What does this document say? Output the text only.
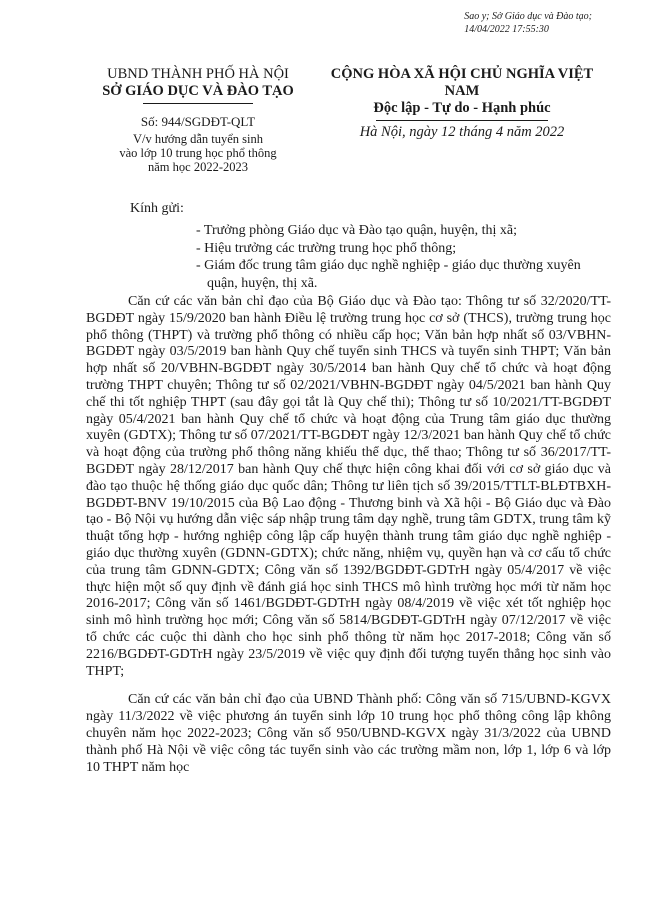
Sao y; Sở Giáo dục và Đào tạo;
14/04/2022 17:55:30
UBND THÀNH PHỐ HÀ NỘI
SỞ GIÁO DỤC VÀ ĐÀO TẠO
CỘNG HÒA XÃ HỘI CHỦ NGHĨA VIỆT NAM
Độc lập - Tự do - Hạnh phúc
Số: 944/SGDĐT-QLT
V/v hướng dẫn tuyển sinh
vào lớp 10 trung học phổ thông
năm học 2022-2023
Hà Nội, ngày 12 tháng 4 năm 2022
Kính gửi:
- Trưởng phòng Giáo dục và Đào tạo quận, huyện, thị xã;
- Hiệu trưởng các trường trung học phổ thông;
- Giám đốc trung tâm giáo dục nghề nghiệp - giáo dục thường xuyên quận, huyện, thị xã.

Căn cứ các văn bản chỉ đạo của Bộ Giáo dục và Đào tạo: Thông tư số 32/2020/TT-BGDĐT ngày 15/9/2020 ban hành Điều lệ trường trung học cơ sở (THCS), trường trung học phổ thông (THPT) và trường phổ thông có nhiều cấp học; Văn bản hợp nhất số 03/VBHN-BGDĐT ngày 03/5/2019 ban hành Quy chế tuyển sinh THCS và tuyển sinh THPT; Văn bản hợp nhất số 20/VBHN-BGDĐT ngày 30/5/2014 ban hành Quy chế tổ chức và hoạt động trường THPT chuyên; Thông tư số 02/2021/VBHN-BGDĐT ngày 04/5/2021 ban hành Quy chế thi tốt nghiệp THPT (sau đây gọi tắt là Quy chế thi); Thông tư số 10/2021/TT-BGDĐT ngày 05/4/2021 ban hành Quy chế tổ chức và hoạt động của Trung tâm giáo dục thường xuyên (GDTX); Thông tư số 07/2021/TT-BGDĐT ngày 12/3/2021 ban hành Quy chế tổ chức và hoạt động của trường phổ thông năng khiếu thể dục, thể thao; Thông tư số 36/2017/TT-BGDĐT ngày 28/12/2017 ban hành Quy chế thực hiện công khai đối với cơ sở giáo dục và đào tạo thuộc hệ thống giáo dục quốc dân; Thông tư liên tịch số 39/2015/TTLT-BLĐTBXH-BGDĐT-BNV 19/10/2015 của Bộ Lao động - Thương binh và Xã hội - Bộ Giáo dục và Đào tạo - Bộ Nội vụ hướng dẫn việc sáp nhập trung tâm dạy nghề, trung tâm GDTX, trung tâm kỹ thuật tổng hợp - hướng nghiệp công lập cấp huyện thành trung tâm giáo dục nghề nghiệp - giáo dục thường xuyên (GDNN-GDTX); chức năng, nhiệm vụ, quyền hạn và cơ cấu tổ chức của trung tâm GDNN-GDTX; Công văn số 1392/BGDĐT-GDTrH ngày 05/4/2017 về việc thực hiện một số quy định về đánh giá học sinh THCS mô hình trường học mới từ năm học 2016-2017; Công văn số 1461/BGDĐT-GDTrH ngày 08/4/2019 về việc xét tốt nghiệp học sinh mô hình trường học mới; Công văn số 5814/BGDĐT-GDTrH ngày 07/12/2017 về việc tổ chức các cuộc thi dành cho học sinh phổ thông từ năm học 2017-2018; Công văn số 2216/BGDĐT-GDTrH ngày 23/5/2019 về việc quy định đối tượng tuyển thẳng học sinh vào THPT;

Căn cứ các văn bản chỉ đạo của UBND Thành phố: Công văn số 715/UBND-KGVX ngày 11/3/2022 về việc phương án tuyển sinh lớp 10 trung học phổ thông công lập không chuyên năm học 2022-2023; Công văn số 950/UBND-KGVX ngày 31/3/2022 của UBND thành phố Hà Nội về việc công tác tuyển sinh vào các trường mầm non, lớp 1, lớp 6 và lớp 10 THPT năm học
